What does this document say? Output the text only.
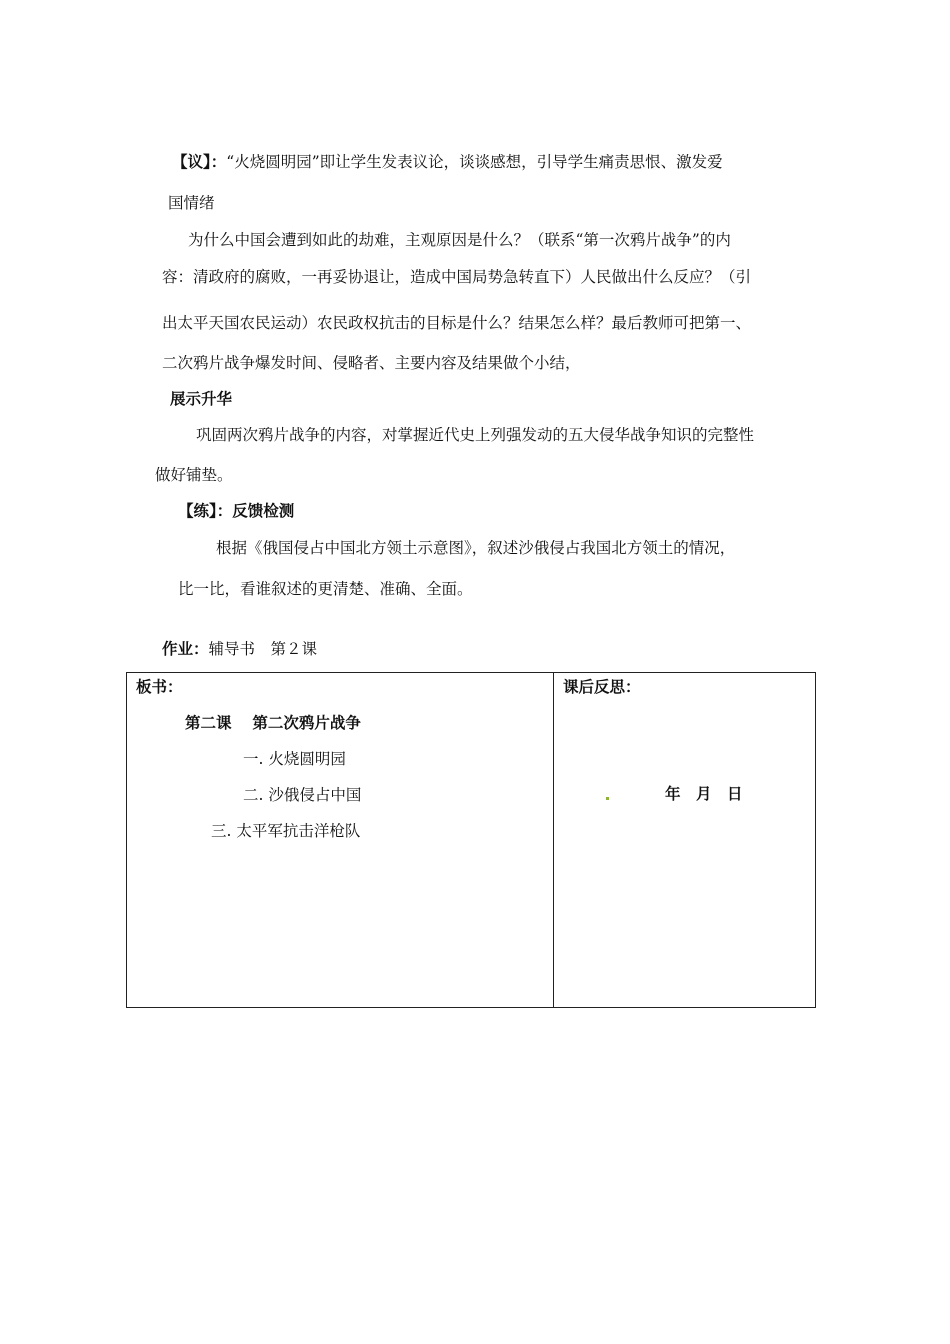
【议】：“火烧圆明园”即让学生发表议论，谈谈感想，引导学生痛责思恨、激发爱
国情绪
为什么中国会遭到如此的劫难，主观原因是什么？（联系“第一次鸦片战争”的内
容：清政府的腐败，一再妥协退让，造成中国局势急转直下）人民做出什么反应？（引
出太平天国农民运动）农民政权抗击的目标是什么？结果怎么样？最后教师可把第一、
二次鸦片战争爆发时间、侵略者、主要内容及结果做个小结，
展示升华
巩固两次鸦片战争的内容，对掌握近代史上列强发动的五大侵华战争知识的完整性
做好铺垫。
【练】：反馈检测
根据《俄国侵占中国北方领土示意图》，叙述沙俄侵占我国北方领土的情况，
比一比，看谁叙述的更清楚、准确、全面。
作业：辅导书　第２课
板书：
第二课　 第二次鸦片战争
一. 火烧圆明园
二. 沙俄侵占中国
三. 太平军抗击洋枪队

课后反思：
年　月　日
